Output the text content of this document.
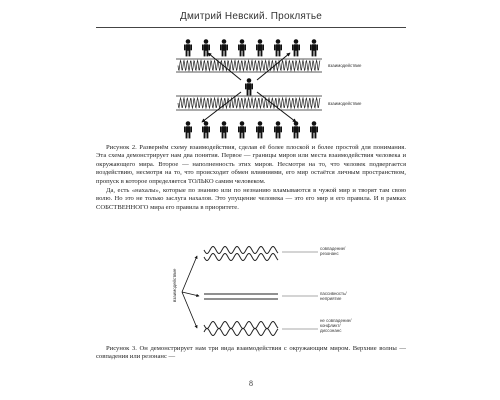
Дмитрий Невский. Проклятье
взаимодействие
взаимодействие

Рисунок 2. Развернём схему взаимодействия, сделав её более плоской и более простой для понимания. Эта схема демонстрирует нам два понятия. Первое — границы миров или места взаимодействия человека и окружающего мира. Второе — наполненность этих миров. Несмотря на то, что человек подвергается воздействию, несмотря на то, что происходит обмен влияниями, его мир остаётся личным пространством, пропуск в которое определяется ТОЛЬКО самим человеком.

Да, есть «нахалы», которые по знанию или по незнанию вламываются в чужой мир и творят там свою волю. Но это не только заслуга нахалов. Это упущение человека — это его мир и его правила. И в рамках СОБСТВЕННОГО мира его правила в приоритете.

взаимодействие
совпадение/
резонанс
пассивность/
неприятие
не совпадение/
конфликт/
диссонанс

Рисунок 3. Он демонстрирует нам три вида взаимодействия с окружающим миром. Верхние волны — совпадения или резонанс —

8
